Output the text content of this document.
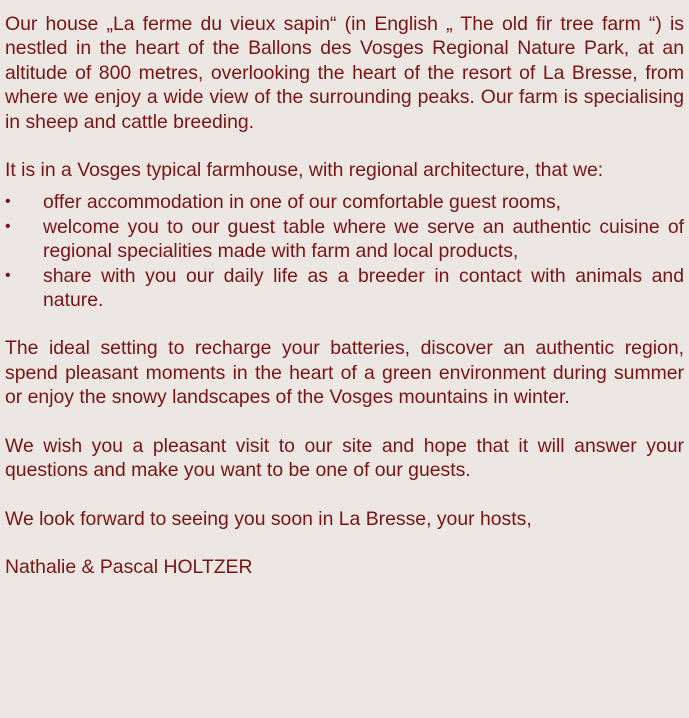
Our house „La ferme du vieux sapin“ (in English „ The old fir tree farm “) is nestled in the heart of the Ballons des Vosges Regional Nature Park, at an altitude of 800 metres, overlooking the heart of the resort of La Bresse, from where we enjoy a wide view of the surrounding peaks. Our farm is specialising in sheep and cattle breeding.

It is in a Vosges typical farmhouse, with regional architecture, that we:

•	offer accommodation in one of our comfortable guest rooms,
•	welcome you to our guest table where we serve an authentic cuisine of regional specialities made with farm and local products,
•	share with you our daily life as a breeder in contact with animals and nature.

The ideal setting to recharge your batteries, discover an authentic region, spend pleasant moments in the heart of a green environment during summer or enjoy the snowy landscapes of the Vosges mountains in winter.

We wish you a pleasant visit to our site and hope that it will answer your questions and make you want to be one of our guests.

We look forward to seeing you soon in La Bresse, your hosts,

Nathalie & Pascal HOLTZER
